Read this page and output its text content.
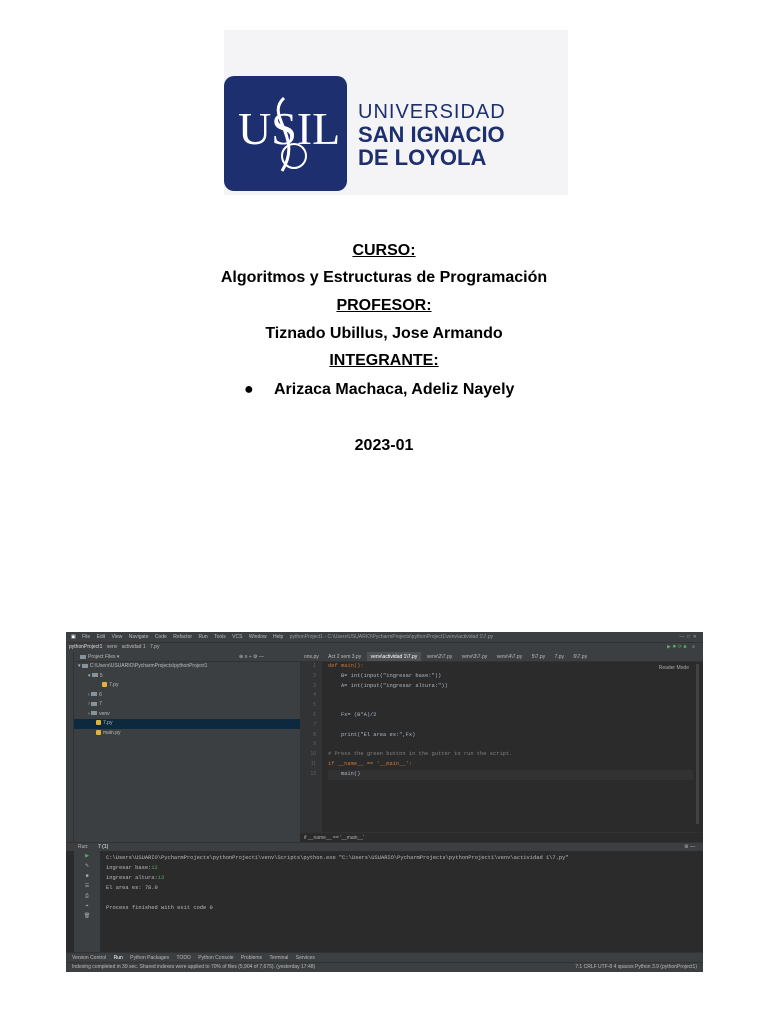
USIL UNIVERSIDAD
SAN IGNACIO
DE LOYOLA
CURSO:
Algoritmos y Estructuras de Programación
PROFESOR:
Tiznado Ubillus, Jose Armando
INTEGRANTE:
● Arizaca Machaca, Adeliz Nayely
2023-01
▣ File Edit View Navigate Code Refactor Run Tools VCS Window Help pythonProject1 - C:\Users\USUARIO\PycharmProjects\pythonProject1\venv\actividad 1\7.py	—  □  ✕
pythonProject1 venv actividad 1 7.py	▶ ✹ ⟳ ■  ⌕
Project Files ▾	⊕ ≡ ÷ ⚙ —
▾ C:\Users\USUARIO\PycharmProjects\pythonProject1
▾ 5
7.py
› 6
› 7
› venv
7.py
main.py
ons.py Act 2 sem 3.py venv\actividad 1\7.py venv\2\7.py venv\3\7.py venv\4\7.py 5\7.py 7.py 6\7.py
Reader Mode
1
2
3
4
5
6
7
8
9
10
11
12
def main():
B= int(input("ingresar base:"))
A= int(input("ingresar altura:"))
Fx= (B*A)/2
print("El area es:",Fx)
# Press the green button in the gutter to run the script.
if __name__ == '__main__':
main()
if __name__ == '__main__'
Run: 7 (1)	⚙ —
▶
✎
■
☰
⎙
⌖
🗑
C:\Users\USUARIO\PycharmProjects\pythonProject1\venv\Scripts\python.exe "C:\Users\USUARIO\PycharmProjects\pythonProject1\venv\actividad 1\7.py"
ingresar base:12
ingresar altura:13
El area es: 78.0
Process finished with exit code 0
Version Control Run Python Packages TODO Python Console Problems Terminal Services
Indexing completed in 39 sec. Shared indexes were applied to 70% of files (5,904 of 7,675). (yesterday 17:48)	7:1 CRLF UTF-8 4 spaces Python 3.9 (pythonProject1)
